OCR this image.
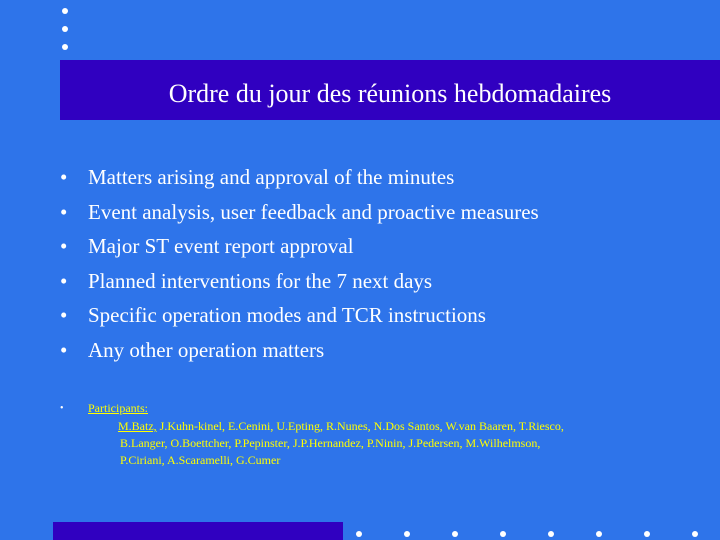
Ordre du jour des réunions hebdomadaires
• Matters arising and approval of the minutes
• Event analysis, user feedback and proactive measures
• Major ST event report approval
• Planned interventions for the 7 next days
• Specific operation modes and TCR instructions
• Any other operation matters
• Participants:
M.Batz, J.Kuhn-kinel, E.Cenini, U.Epting, R.Nunes, N.Dos Santos, W.van Baaren, T.Riesco,
B.Langer, O.Boettcher, P.Pepinster, J.P.Hernandez, P.Ninin, J.Pedersen, M.Wilhelmson,
P.Ciriani, A.Scaramelli, G.Cumer
